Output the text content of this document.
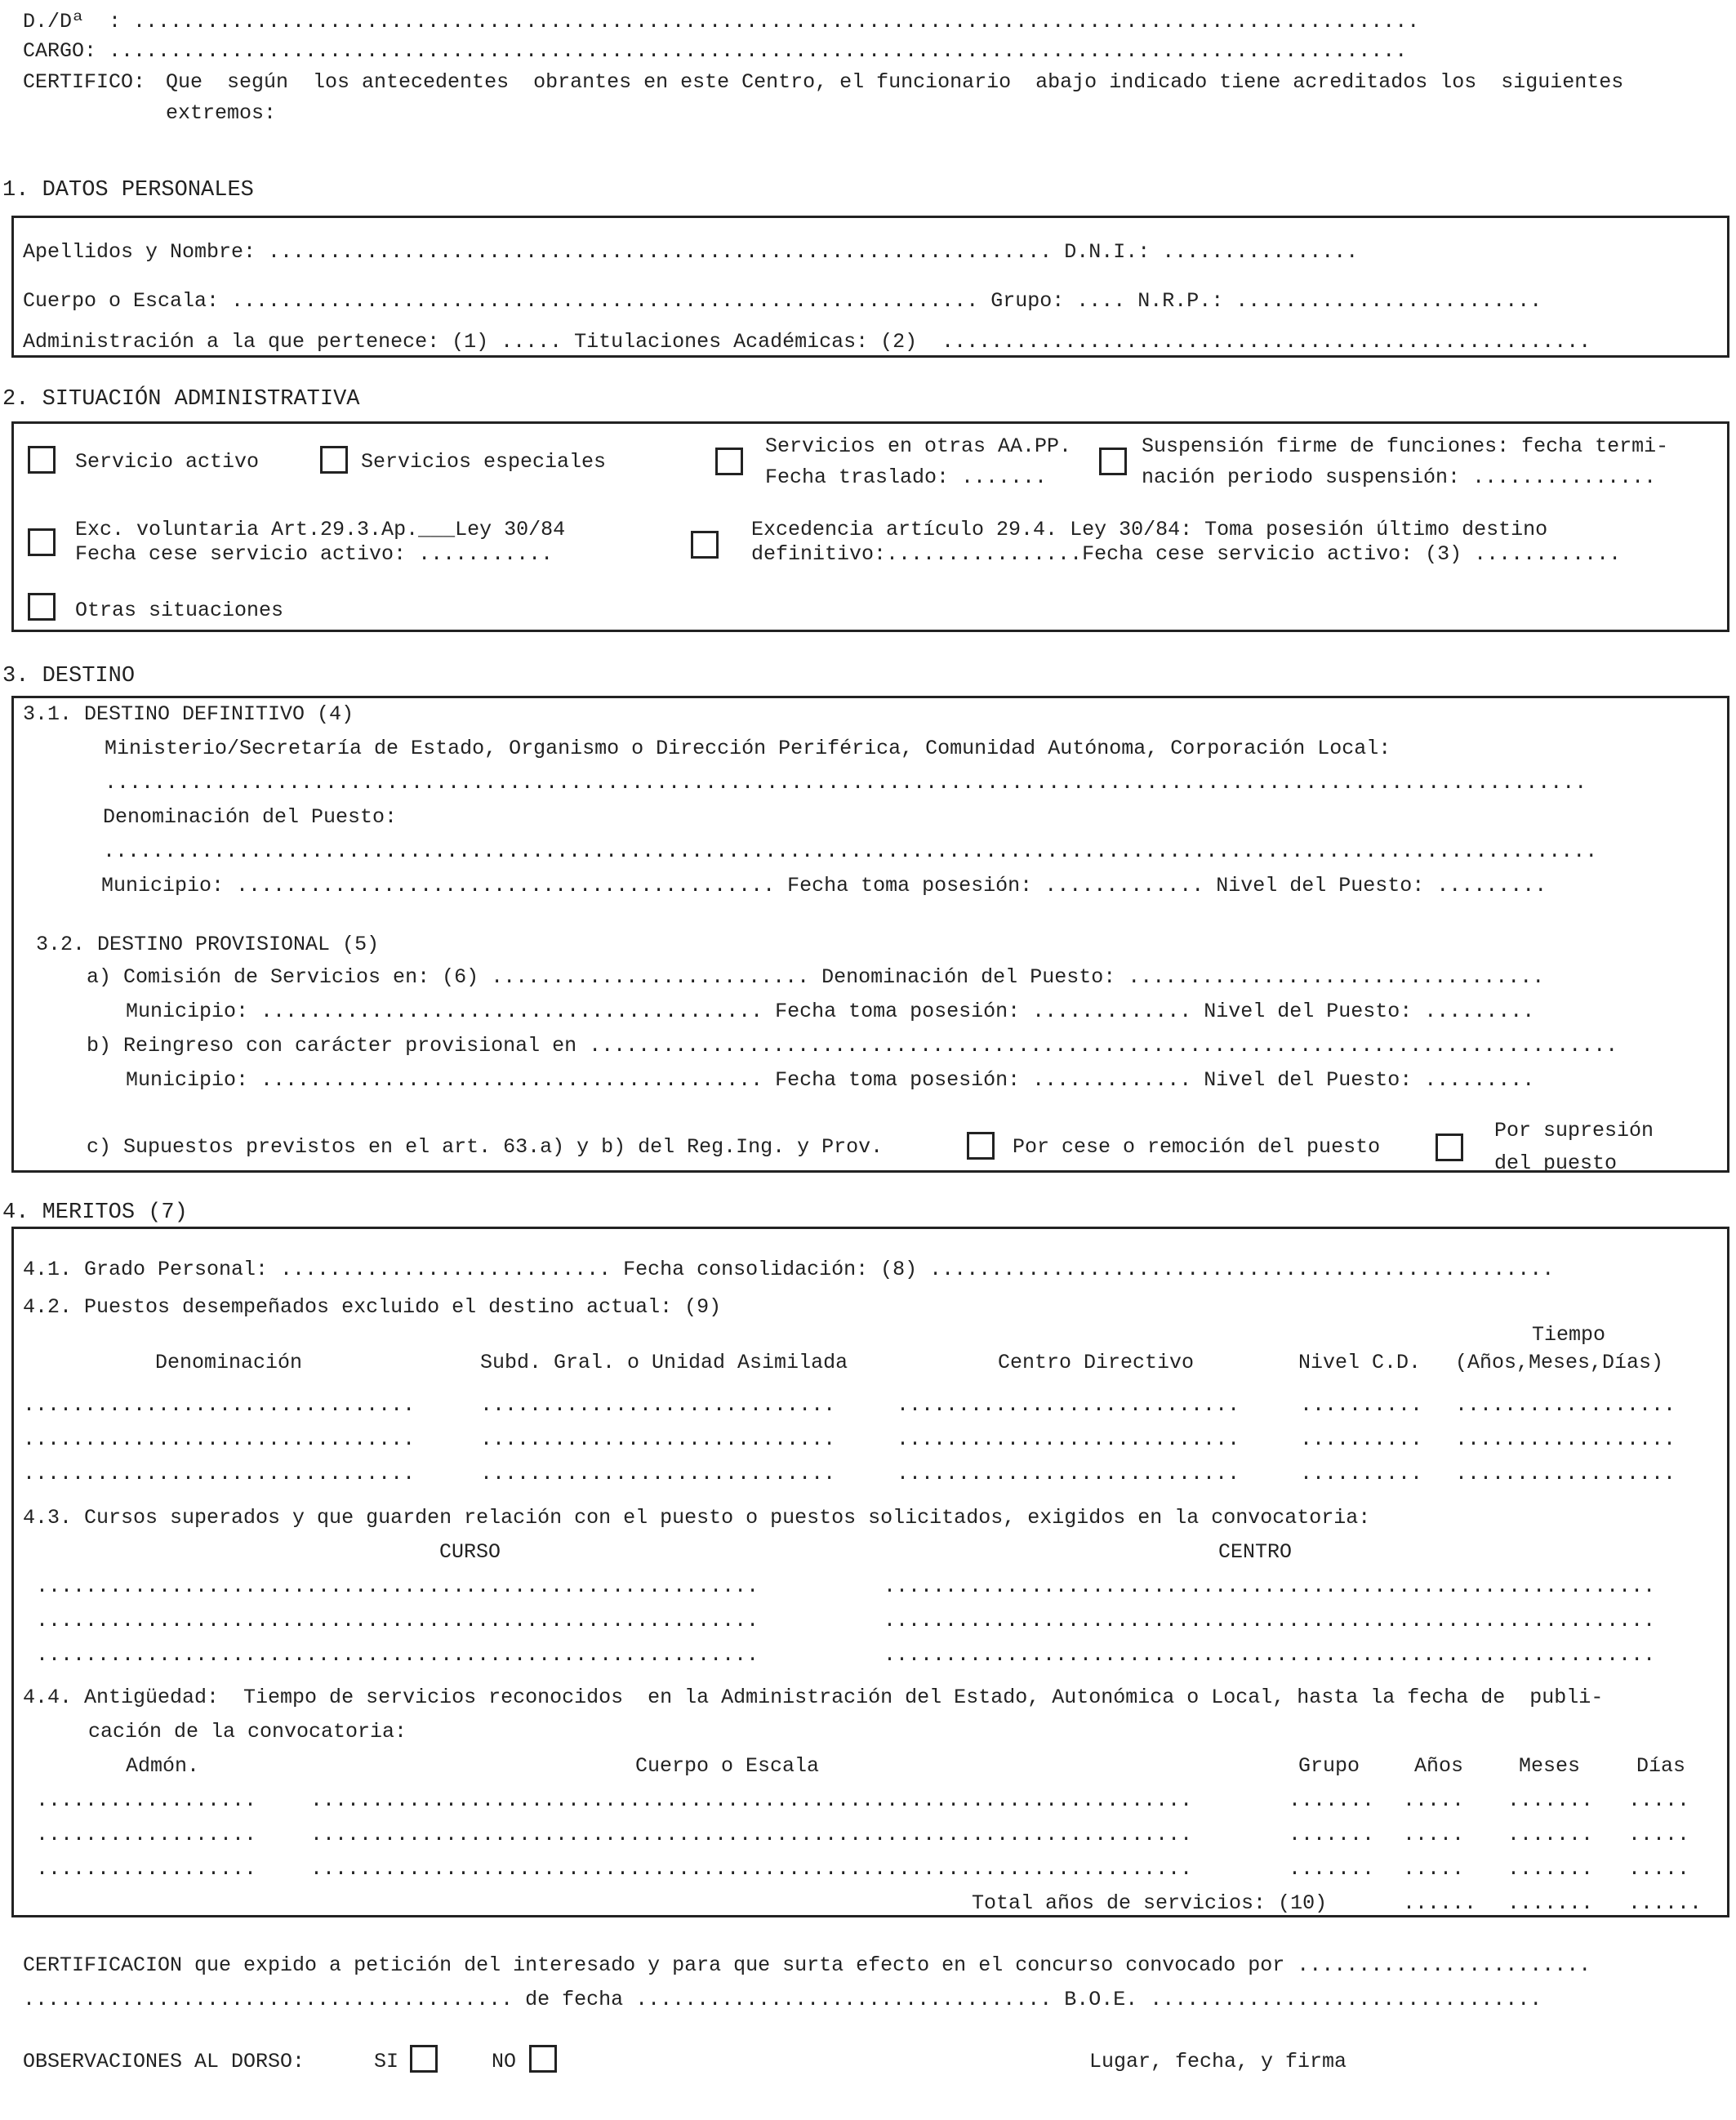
D./Dª  : .........................................................................................................
CARGO: ..........................................................................................................
CERTIFICO: Que  según  los antecedentes  obrantes en este Centro, el funcionario  abajo indicado tiene acreditados los  siguientes
extremos:
1. DATOS PERSONALES
Apellidos y Nombre: ................................................................ D.N.I.: ................
Cuerpo o Escala: ............................................................. Grupo: .... N.R.P.: .........................
Administración a la que pertenece: (1) ..... Titulaciones Académicas: (2)  .....................................................
2. SITUACIÓN ADMINISTRATIVA
Servicio activo	Servicios especiales
Servicios en otras AA.PP.
Fecha traslado: .......
Suspensión firme de funciones: fecha termi-
nación periodo suspensión: ...............
Exc. voluntaria Art.29.3.Ap.___Ley 30/84
Fecha cese servicio activo: ...........
Excedencia artículo 29.4. Ley 30/84: Toma posesión último destino
definitivo:................Fecha cese servicio activo: (3) ............
Otras situaciones
3. DESTINO
3.1. DESTINO DEFINITIVO (4)
Ministerio/Secretaría de Estado, Organismo o Dirección Periférica, Comunidad Autónoma, Corporación Local:
.........................................................................................................................
Denominación del Puesto:
..........................................................................................................................
Municipio: ............................................ Fecha toma posesión: ............. Nivel del Puesto: .........
3.2. DESTINO PROVISIONAL (5)
a) Comisión de Servicios en: (6) .......................... Denominación del Puesto: ..................................
Municipio: ......................................... Fecha toma posesión: ............. Nivel del Puesto: .........
b) Reingreso con carácter provisional en ....................................................................................
Municipio: ......................................... Fecha toma posesión: ............. Nivel del Puesto: .........
c) Supuestos previstos en el art. 63.a) y b) del Reg.Ing. y Prov.	Por cese o remoción del puesto
Por supresión
del puesto
4. MERITOS (7)
4.1. Grado Personal: ........................... Fecha consolidación: (8) ...................................................
4.2. Puestos desempeñados excluido el destino actual: (9)
Tiempo
Denominación	Subd. Gral. o Unidad Asimilada	Centro Directivo	Nivel C.D. (Años,Meses,Días)
................................	.............................	............................	.......... ..................
................................	.............................	............................	.......... ..................
................................	.............................	............................	.......... ..................
4.3. Cursos superados y que guarden relación con el puesto o puestos solicitados, exigidos en la convocatoria:
CURSO	CENTRO
...........................................................	...............................................................
...........................................................	...............................................................
...........................................................	...............................................................
4.4. Antigüedad:  Tiempo de servicios reconocidos  en la Administración del Estado, Autonómica o Local, hasta la fecha de  publi-
cación de la convocatoria:
Admón.	Cuerpo o Escala	Grupo	Años	Meses	Días
..................	........................................................................	....... ..... ....... .....
..................	........................................................................	....... ..... ....... .....
..................	........................................................................	....... ..... ....... .....
Total años de servicios: (10)	...... ....... ......
CERTIFICACION que expido a petición del interesado y para que surta efecto en el concurso convocado por ........................
........................................ de fecha .................................. B.O.E. ................................
OBSERVACIONES AL DORSO:	SI	NO	Lugar, fecha, y firma
